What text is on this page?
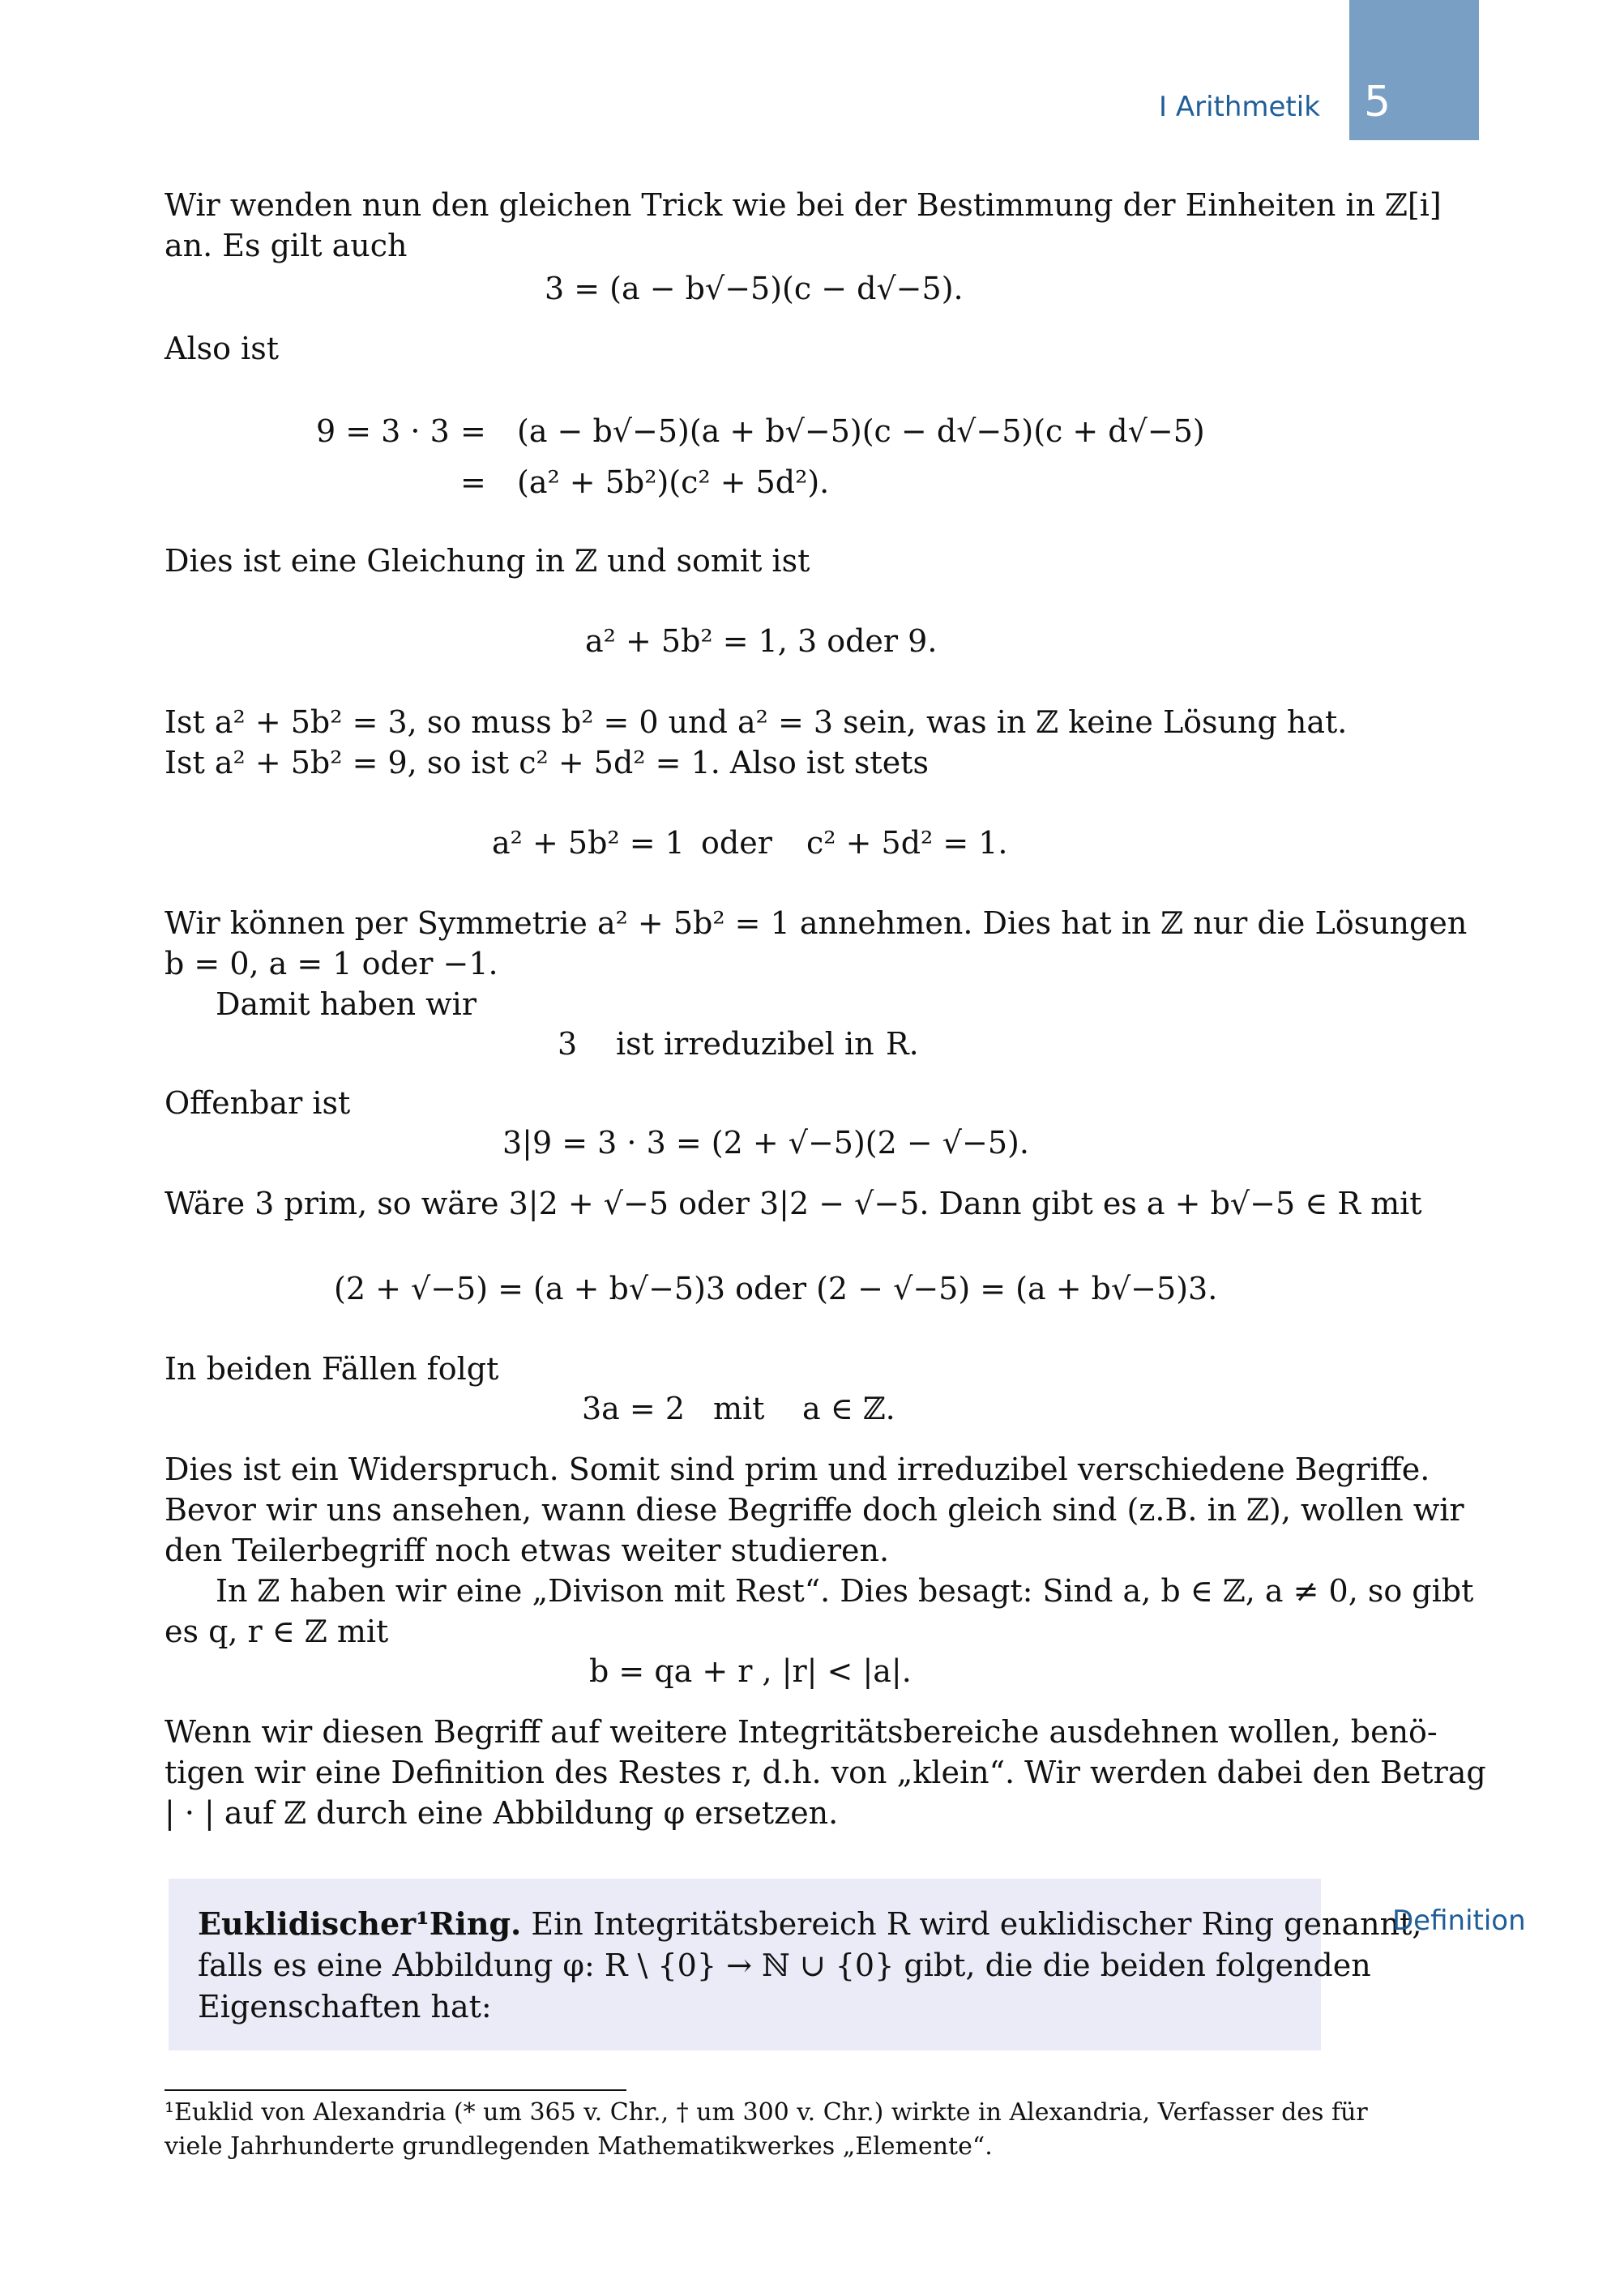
I Arithmetik 5
Wir wenden nun den gleichen Trick wie bei der Bestimmung der Einheiten in ℤ[i]
an. Es gilt auch
3 = (a − b√−5)(c − d√−5).
Also ist
9 = 3 · 3 = (a − b√−5)(a + b√−5)(c − d√−5)(c + d√−5)
= (a² + 5b²)(c² + 5d²).
Dies ist eine Gleichung in ℤ und somit ist
a² + 5b² = 1, 3 oder 9.
Ist a² + 5b² = 3, so muss b² = 0 und a² = 3 sein, was in ℤ keine Lösung hat.
Ist a² + 5b² = 9, so ist c² + 5d² = 1. Also ist stets
a² + 5b² = 1 oder c² + 5d² = 1.
Wir können per Symmetrie a² + 5b² = 1 annehmen. Dies hat in ℤ nur die Lösungen
b = 0, a = 1 oder −1.
Damit haben wir
3 ist irreduzibel in R.
Offenbar ist
3|9 = 3 · 3 = (2 + √−5)(2 − √−5).
Wäre 3 prim, so wäre 3|2 + √−5 oder 3|2 − √−5. Dann gibt es a + b√−5 ∈ R mit
(2 + √−5) = (a + b√−5)3 oder (2 − √−5) = (a + b√−5)3.
In beiden Fällen folgt
3a = 2 mit a ∈ ℤ.
Dies ist ein Widerspruch. Somit sind prim und irreduzibel verschiedene Begriffe.
Bevor wir uns ansehen, wann diese Begriffe doch gleich sind (z.B. in ℤ), wollen wir
den Teilerbegriff noch etwas weiter studieren.
In ℤ haben wir eine „Divison mit Rest“. Dies besagt: Sind a, b ∈ ℤ, a ≠ 0, so gibt
es q, r ∈ ℤ mit
b = qa + r , |r| < |a|.
Wenn wir diesen Begriff auf weitere Integritätsbereiche ausdehnen wollen, benö-
tigen wir eine Definition des Restes r, d.h. von „klein“. Wir werden dabei den Betrag
| · | auf ℤ durch eine Abbildung φ ersetzen.
Euklidischer¹Ring. Ein Integritätsbereich R wird euklidischer Ring genannt,
falls es eine Abbildung φ: R \ {0} → ℕ ∪ {0} gibt, die die beiden folgenden
Eigenschaften hat:
Definition
¹Euklid von Alexandria (* um 365 v. Chr., † um 300 v. Chr.) wirkte in Alexandria, Verfasser des für
viele Jahrhunderte grundlegenden Mathematikwerkes „Elemente“.
